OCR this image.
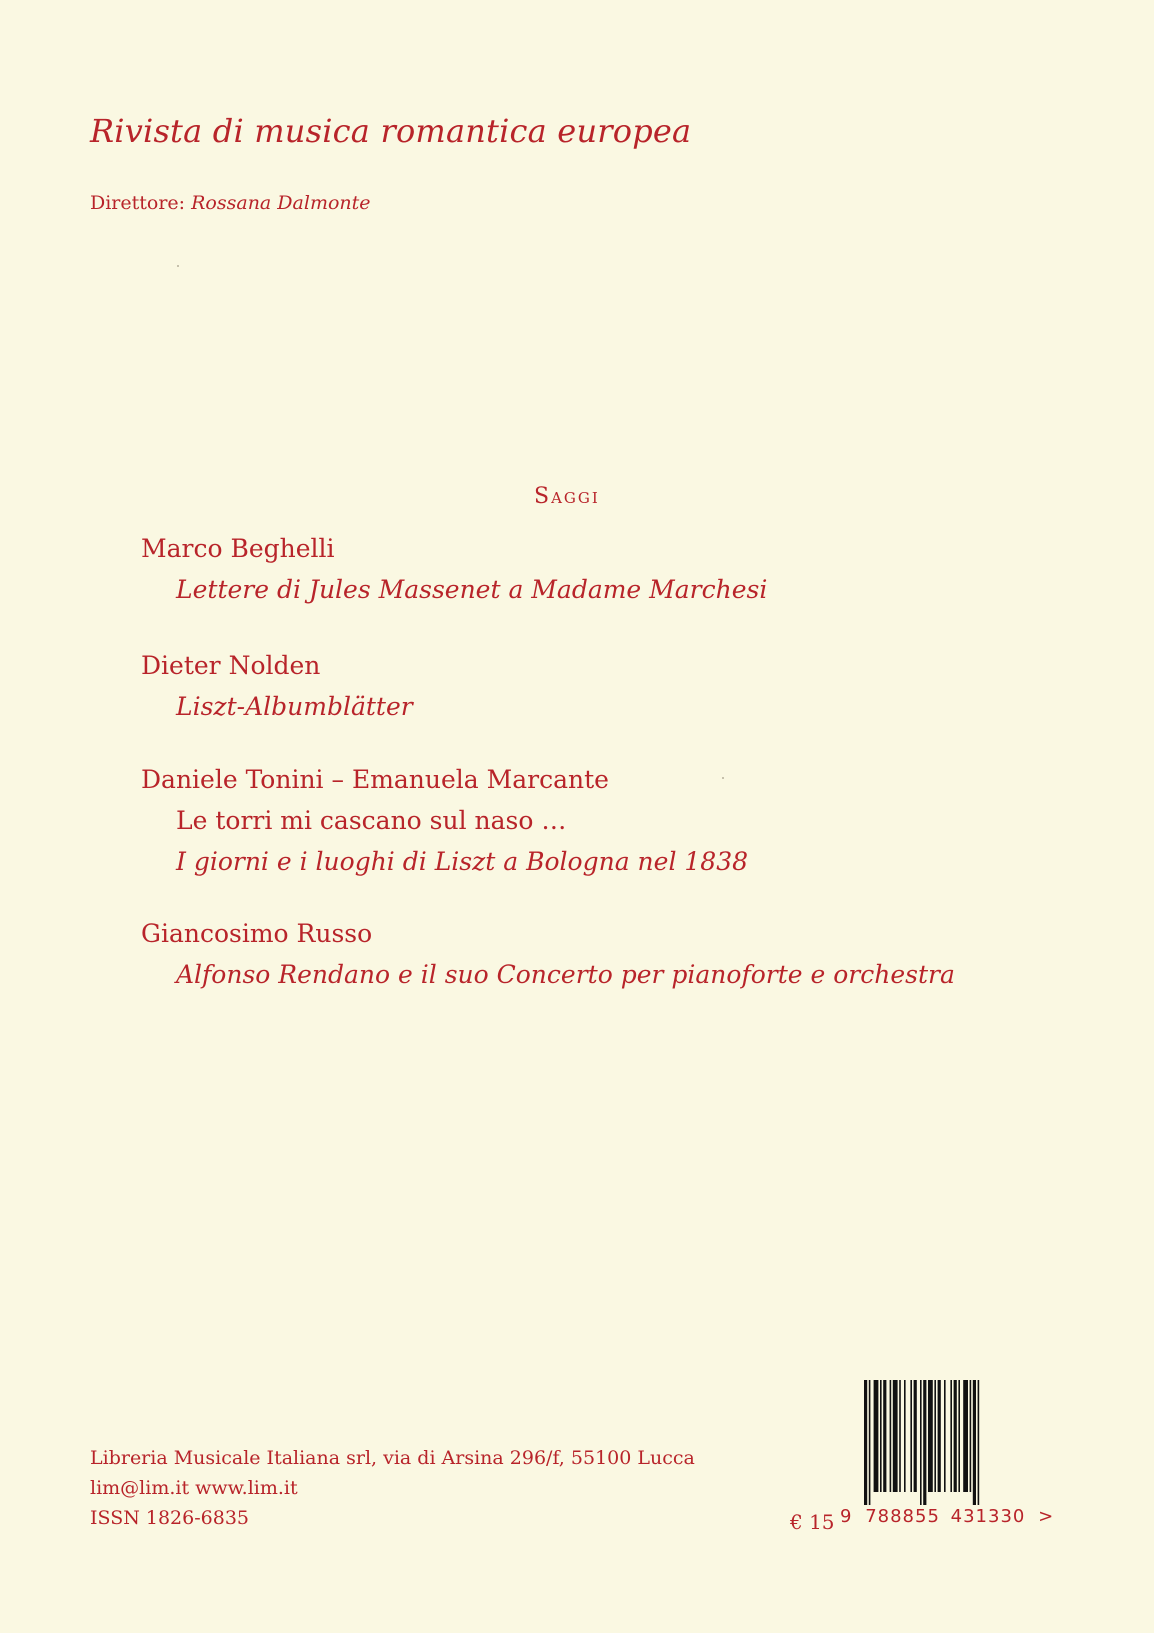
Rivista di musica romantica europea
Direttore: Rossana Dalmonte
Saggi
Marco Beghelli
Lettere di Jules Massenet a Madame Marchesi
Dieter Nolden
Liszt-Albumblätter
Daniele Tonini – Emanuela Marcante
Le torri mi cascano sul naso …
I giorni e i luoghi di Liszt a Bologna nel 1838
Giancosimo Russo
Alfonso Rendano e il suo Concerto per pianoforte e orchestra
Libreria Musicale Italiana srl, via di Arsina 296/f, 55100 Lucca
lim@lim.it www.lim.it
ISSN 1826-6835	€ 15 9 788855 431330 >
